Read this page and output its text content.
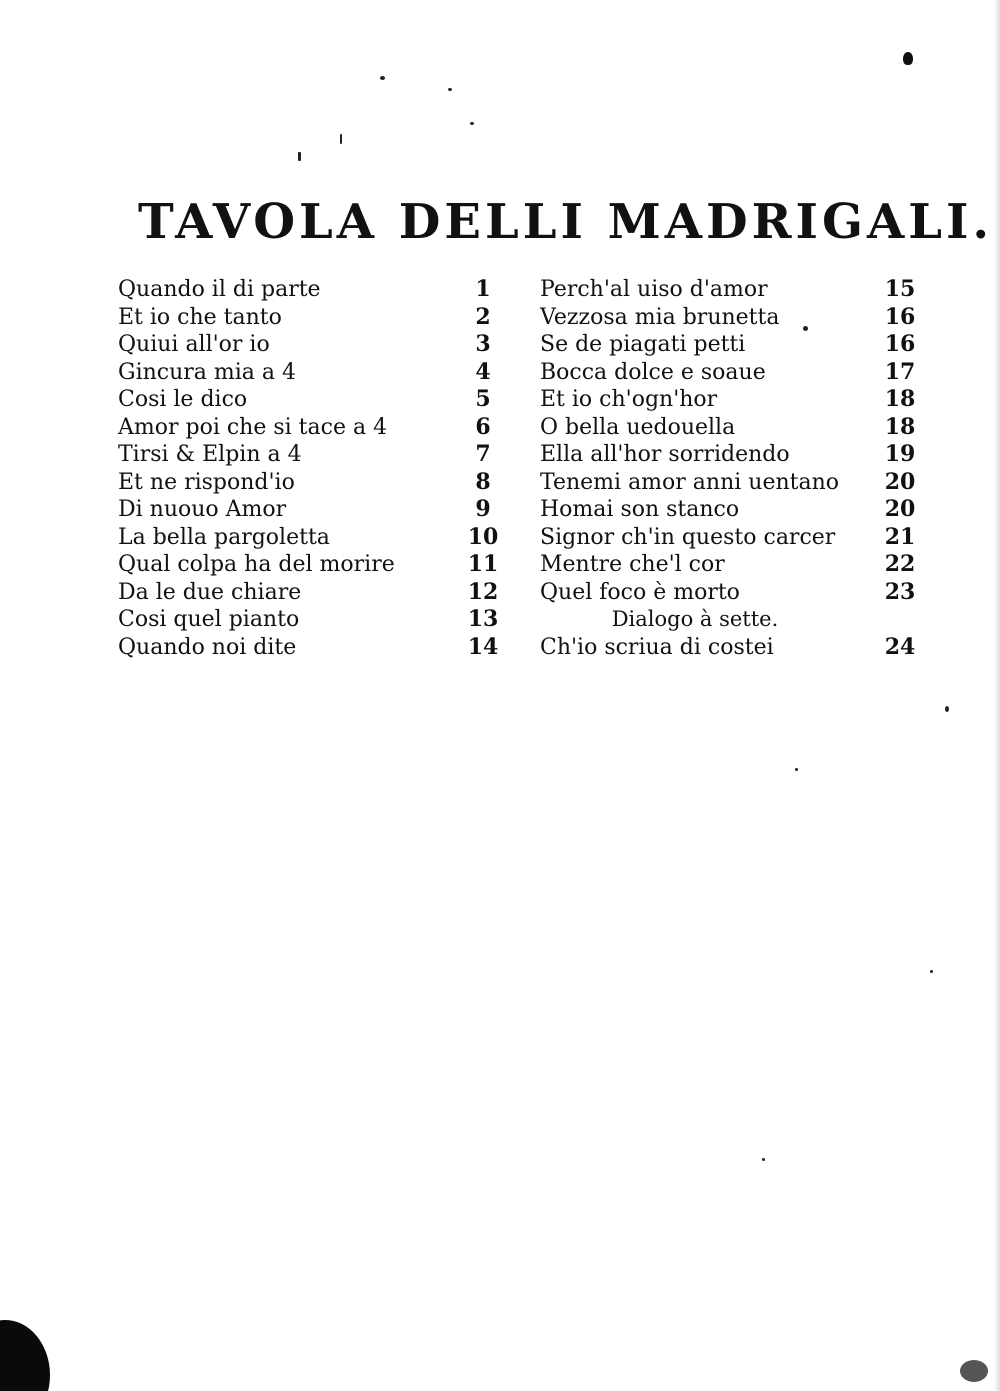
TAVOLA DELLI MADRIGALI.
Quando il di parte	1
Et io che tanto	2
Quiui all'or io	3
Gincura mia a 4	4
Cosi le dico	5
Amor poi che si tace a 4	6
Tirsi & Elpin a 4	7
Et ne rispond'io	8
Di nuouo Amor	9
La bella pargoletta	10
Qual colpa ha del morire	11
Da le due chiare	12
Cosi quel pianto	13
Quando noi dite	14
Perch'al uiso d'amor	15
Vezzosa mia brunetta	16
Se de piagati petti	16
Bocca dolce e soaue	17
Et io ch'ogn'hor	18
O bella uedouella	18
Ella all'hor sorridendo	19
Tenemi amor anni uentano 20
Homai son stanco	20
Signor ch'in questo carcer 21
Mentre che'l cor	22
Quel foco è morto	23
Dialogo à sette.
Ch'io scriua di costei	24
